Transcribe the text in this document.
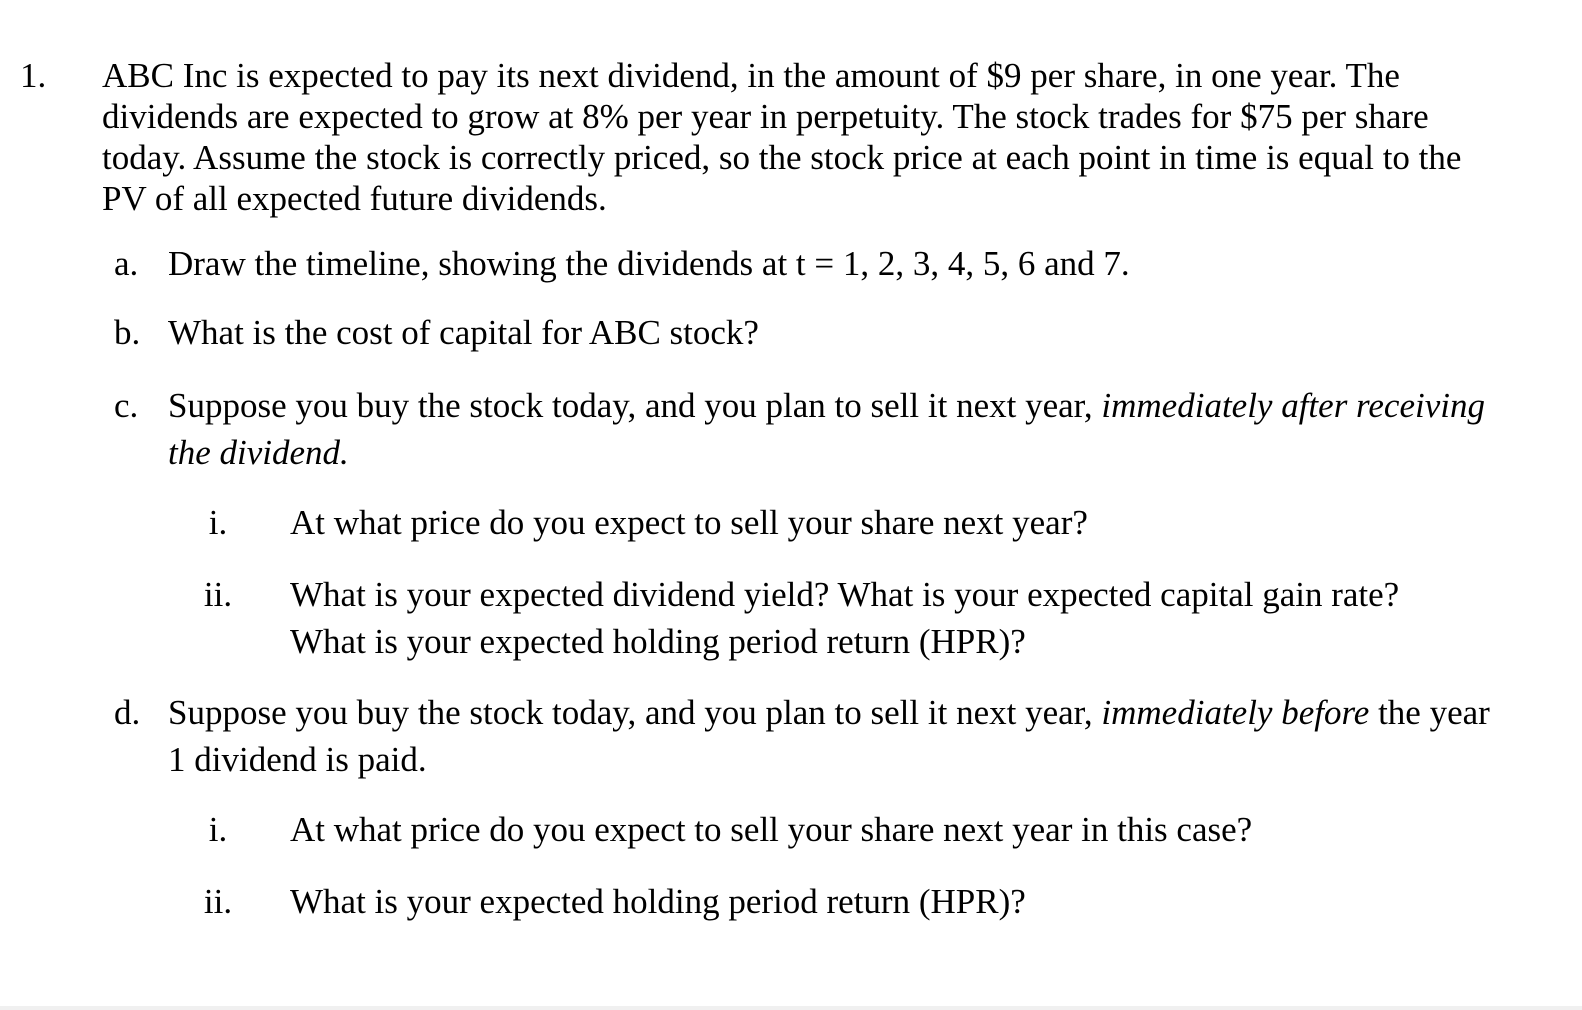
1. ABC Inc is expected to pay its next dividend, in the amount of $9 per share, in one year. The dividends are expected to grow at 8% per year in perpetuity. The stock trades for $75 per share today. Assume the stock is correctly priced, so the stock price at each point in time is equal to the PV of all expected future dividends.
a. Draw the timeline, showing the dividends at t = 1, 2, 3, 4, 5, 6 and 7.
b. What is the cost of capital for ABC stock?
c. Suppose you buy the stock today, and you plan to sell it next year, immediately after receiving the dividend.
i.	At what price do you expect to sell your share next year?
ii. What is your expected dividend yield? What is your expected capital gain rate? What is your expected holding period return (HPR)?
d. Suppose you buy the stock today, and you plan to sell it next year, immediately before the year 1 dividend is paid.
i.	At what price do you expect to sell your share next year in this case?
ii. What is your expected holding period return (HPR)?
